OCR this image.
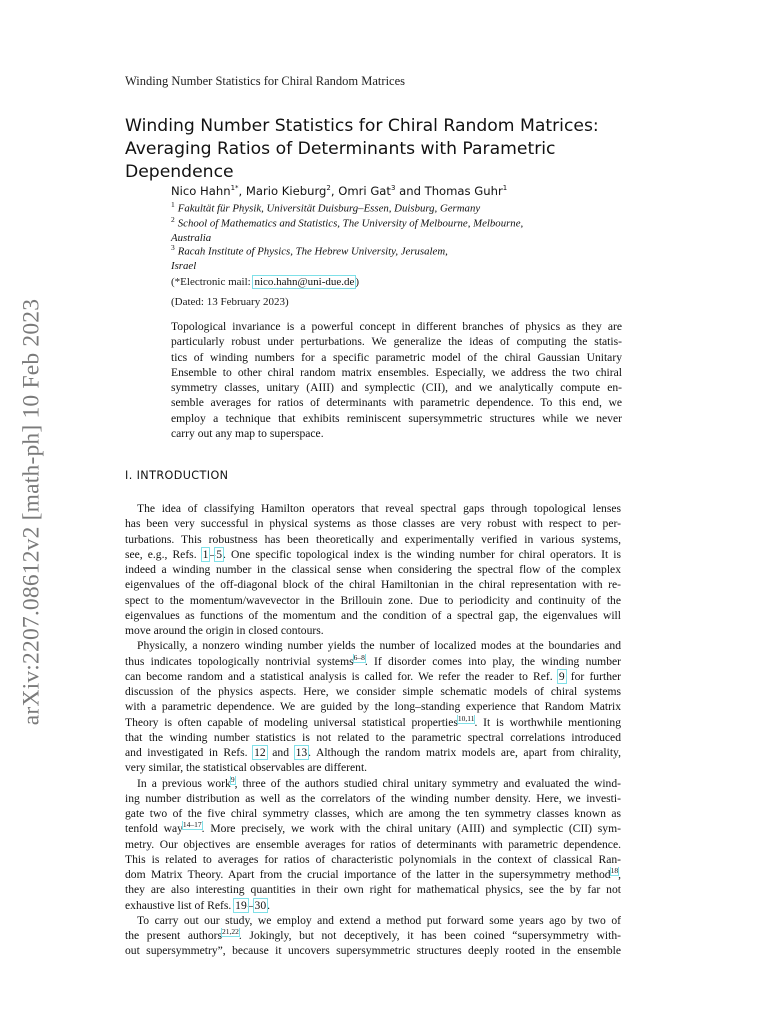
arXiv:2207.08612v2 [math-ph] 10 Feb 2023
Winding Number Statistics for Chiral Random Matrices
Winding Number Statistics for Chiral Random Matrices:
Averaging Ratios of Determinants with Parametric
Dependence
Nico Hahn$^{1*}$, Mario Kieburg$^2$, Omri Gat$^3$ and Thomas Guhr$^1$
$^1$ Fakultät für Physik, Universität Duisburg–Essen, Duisburg, Germany
$^2$ School of Mathematics and Statistics, The University of Melbourne, Melbourne,
Australia
$^3$ Racah Institute of Physics, The Hebrew University, Jerusalem,
Israel
(*Electronic mail: nico.hahn@uni-due.de)
(Dated: 13 February 2023)
Topological invariance is a powerful concept in different branches of physics as they are
particularly robust under perturbations. We generalize the ideas of computing the statis-
tics of winding numbers for a specific parametric model of the chiral Gaussian Unitary
Ensemble to other chiral random matrix ensembles. Especially, we address the two chiral
symmetry classes, unitary (AIII) and symplectic (CII), and we analytically compute en-
semble averages for ratios of determinants with parametric dependence. To this end, we
employ a technique that exhibits reminiscent supersymmetric structures while we never
carry out any map to superspace.
I. INTRODUCTION
The idea of classifying Hamilton operators that reveal spectral gaps through topological lenses
has been very successful in physical systems as those classes are very robust with respect to per-
turbations. This robustness has been theoretically and experimentally verified in various systems,
see, e.g., Refs. 1–5. One specific topological index is the winding number for chiral operators. It is
indeed a winding number in the classical sense when considering the spectral flow of the complex
eigenvalues of the off-diagonal block of the chiral Hamiltonian in the chiral representation with re-
spect to the momentum/wavevector in the Brillouin zone. Due to periodicity and continuity of the
eigenvalues as functions of the momentum and the condition of a spectral gap, the eigenvalues will
move around the origin in closed contours.
Physically, a nonzero winding number yields the number of localized modes at the boundaries and
thus indicates topologically nontrivial systems$^{6-8}$. If disorder comes into play, the winding number
can become random and a statistical analysis is called for. We refer the reader to Ref. 9 for further
discussion of the physics aspects. Here, we consider simple schematic models of chiral systems
with a parametric dependence. We are guided by the long–standing experience that Random Matrix
Theory is often capable of modeling universal statistical properties$^{10,11}$. It is worthwhile mentioning
that the winding number statistics is not related to the parametric spectral correlations introduced
and investigated in Refs. 12 and 13. Although the random matrix models are, apart from chirality,
very similar, the statistical observables are different.
In a previous work$^9$, three of the authors studied chiral unitary symmetry and evaluated the wind-
ing number distribution as well as the correlators of the winding number density. Here, we investi-
gate two of the five chiral symmetry classes, which are among the ten symmetry classes known as
tenfold way$^{14-17}$. More precisely, we work with the chiral unitary (AIII) and symplectic (CII) sym-
metry. Our objectives are ensemble averages for ratios of determinants with parametric dependence.
This is related to averages for ratios of characteristic polynomials in the context of classical Ran-
dom Matrix Theory. Apart from the crucial importance of the latter in the supersymmetry method$^{18}$,
they are also interesting quantities in their own right for mathematical physics, see the by far not
exhaustive list of Refs. 19–30.
To carry out our study, we employ and extend a method put forward some years ago by two of
the present authors$^{21,22}$. Jokingly, but not deceptively, it has been coined “supersymmetry with-
out supersymmetry”, because it uncovers supersymmetric structures deeply rooted in the ensemble
